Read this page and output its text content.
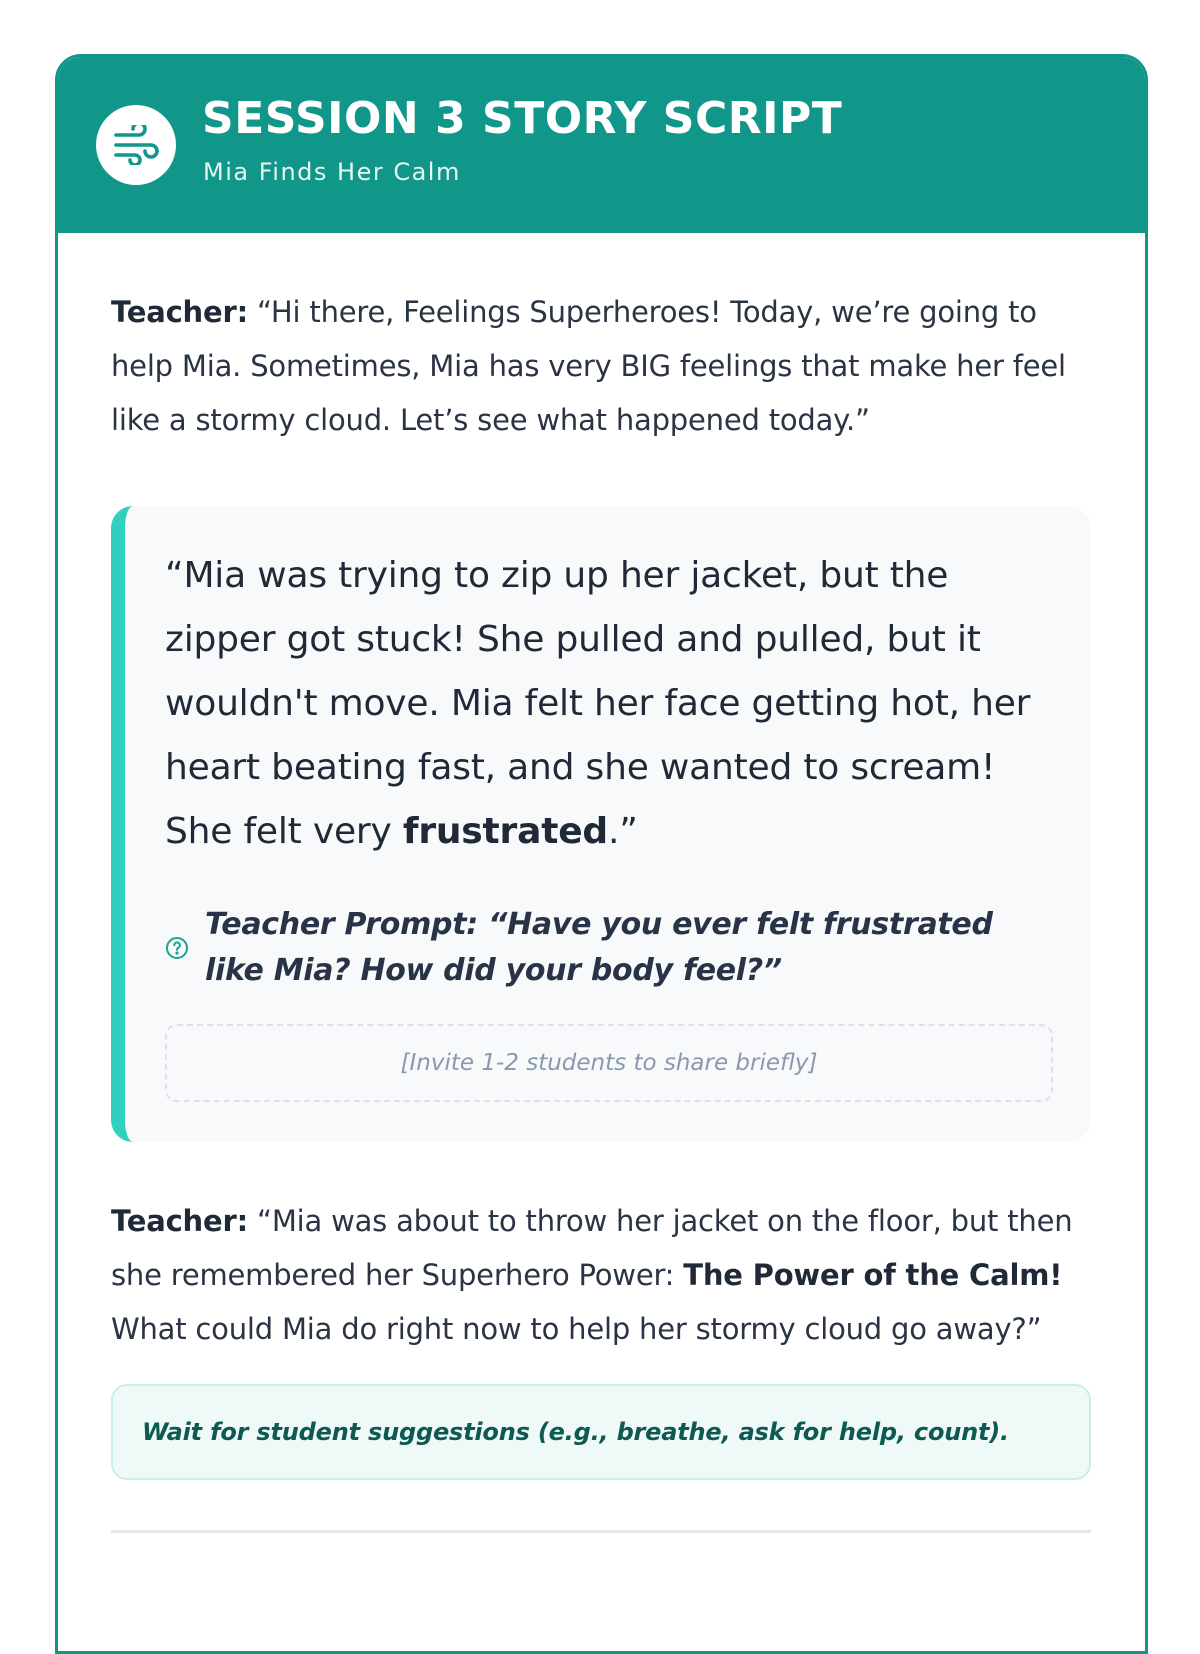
SESSION 3 STORY SCRIPT
Mia Finds Her Calm

Teacher: “Hi there, Feelings Superheroes! Today, we’re going to help Mia. Sometimes, Mia has very BIG feelings that make her feel like a stormy cloud. Let’s see what happened today.”

“Mia was trying to zip up her jacket, but the zipper got stuck! She pulled and pulled, but it wouldn't move. Mia felt her face getting hot, her heart beating fast, and she wanted to scream! She felt very frustrated.”

Teacher Prompt: “Have you ever felt frustrated like Mia? How did your body feel?”

[Invite 1-2 students to share briefly]

Teacher: “Mia was about to throw her jacket on the floor, but then she remembered her Superhero Power: The Power of the Calm! What could Mia do right now to help her stormy cloud go away?”

Wait for student suggestions (e.g., breathe, ask for help, count).
